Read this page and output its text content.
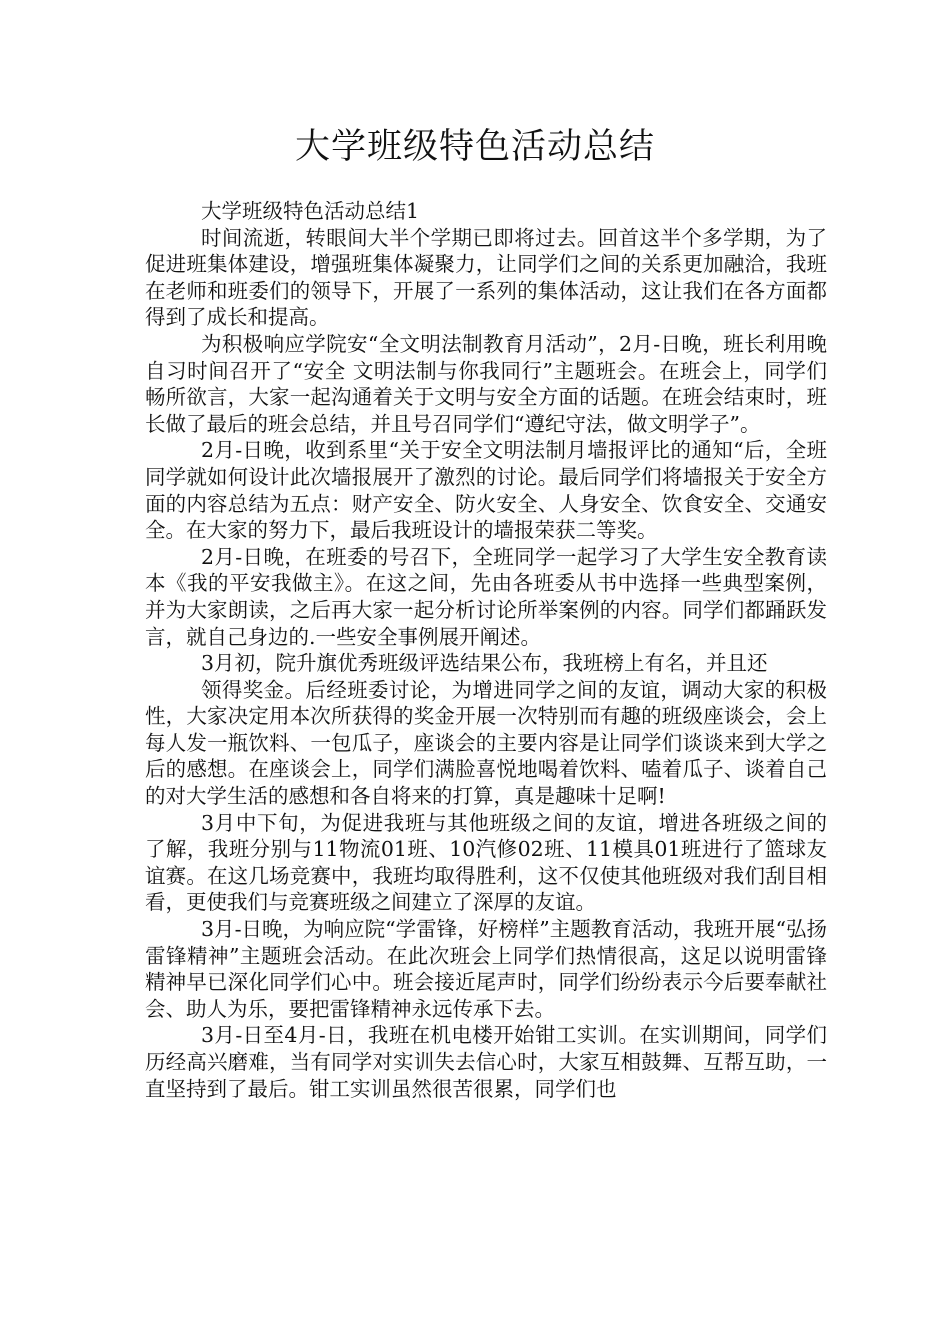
大学班级特色活动总结

大学班级特色活动总结1

时间流逝，转眼间大半个学期已即将过去。回首这半个多学期，为了促进班集体建设，增强班集体凝聚力，让同学们之间的关系更加融洽，我班在老师和班委们的领导下，开展了一系列的集体活动，这让我们在各方面都得到了成长和提高。

为积极响应学院安“全文明法制教育月活动”，2月-日晚，班长利用晚自习时间召开了“安全 文明法制与你我同行”主题班会。在班会上，同学们畅所欲言，大家一起沟通着关于文明与安全方面的话题。在班会结束时，班长做了最后的班会总结，并且号召同学们“遵纪守法，做文明学子”。

2月-日晚，收到系里“关于安全文明法制月墙报评比的通知“后，全班同学就如何设计此次墙报展开了激烈的讨论。最后同学们将墙报关于安全方面的内容总结为五点：财产安全、防火安全、人身安全、饮食安全、交通安全。在大家的努力下，最后我班设计的墙报荣获二等奖。

2月-日晚，在班委的号召下，全班同学一起学习了大学生安全教育读本《我的平安我做主》。在这之间，先由各班委从书中选择一些典型案例，并为大家朗读，之后再大家一起分析讨论所举案例的内容。同学们都踊跃发言，就自己身边的.一些安全事例展开阐述。

3月初，院升旗优秀班级评选结果公布，我班榜上有名，并且还

领得奖金。后经班委讨论，为增进同学之间的友谊，调动大家的积极性，大家决定用本次所获得的奖金开展一次特别而有趣的班级座谈会，会上每人发一瓶饮料、一包瓜子，座谈会的主要内容是让同学们谈谈来到大学之后的感想。在座谈会上，同学们满脸喜悦地喝着饮料、嗑着瓜子、谈着自己的对大学生活的感想和各自将来的打算，真是趣味十足啊!

3月中下旬，为促进我班与其他班级之间的友谊，增进各班级之间的了解，我班分别与11物流01班、10汽修02班、11模具01班进行了篮球友谊赛。在这几场竞赛中，我班均取得胜利，这不仅使其他班级对我们刮目相看，更使我们与竞赛班级之间建立了深厚的友谊。

3月-日晚，为响应院“学雷锋，好榜样”主题教育活动，我班开展“弘扬雷锋精神”主题班会活动。在此次班会上同学们热情很高，这足以说明雷锋精神早已深化同学们心中。班会接近尾声时，同学们纷纷表示今后要奉献社会、助人为乐，要把雷锋精神永远传承下去。

3月-日至4月-日，我班在机电楼开始钳工实训。在实训期间，同学们历经高兴磨难，当有同学对实训失去信心时，大家互相鼓舞、互帮互助，一直坚持到了最后。钳工实训虽然很苦很累，同学们也
